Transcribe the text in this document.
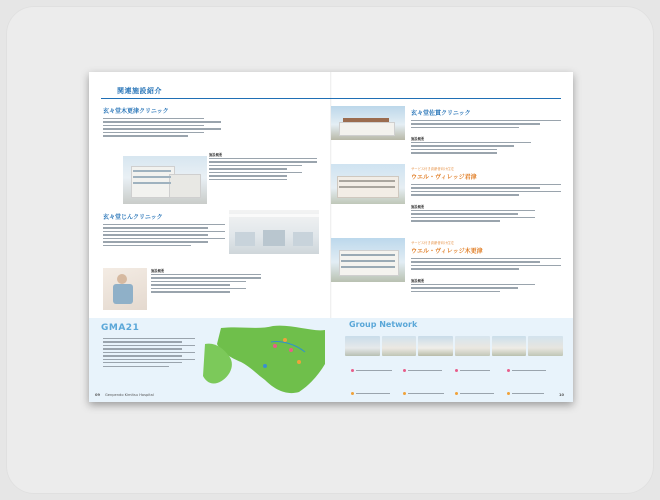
関連施設紹介
玄々堂木更津クリニック
施設概要
玄々堂じんクリニック
施設概要
玄々堂佐貫クリニック
施設概要
サービス付き高齢者向け住宅
ウエル・ヴィレッジ君津
施設概要
サービス付き高齢者向け住宅
ウエル・ヴィレッジ木更津
施設概要
GMA21	Group Network
09 Genpendo Kimitsu Hospital	10
